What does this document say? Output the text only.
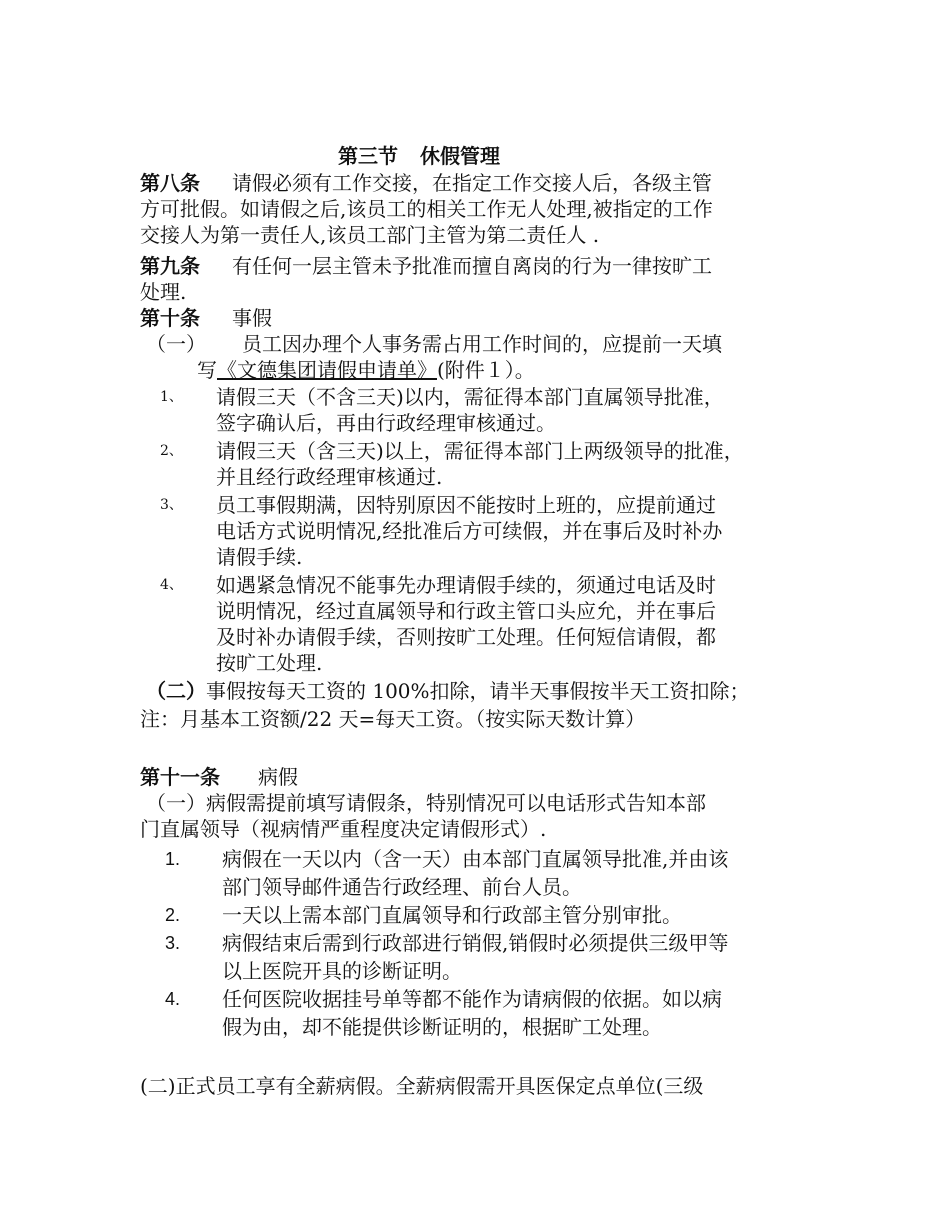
第三节 休假管理
第八条 请假必须有工作交接，在指定工作交接人后，各级主管
方可批假。如请假之后,该员工的相关工作无人处理,被指定的工作
交接人为第一责任人,该员工部门主管为第二责任人 .
第九条 有任何一层主管未予批准而擅自离岗的行为一律按旷工
处理.
第十条 事假
（一） 员工因办理个人事务需占用工作时间的，应提前一天填
写《文德集团请假申请单》(附件１）。
1、 请假三天（不含三天)以内，需征得本部门直属领导批准，
签字确认后，再由行政经理审核通过。
2、 请假三天（含三天)以上，需征得本部门上两级领导的批准，
并且经行政经理审核通过.
3、 员工事假期满，因特别原因不能按时上班的，应提前通过
电话方式说明情况,经批准后方可续假，并在事后及时补办
请假手续.
4、 如遇紧急情况不能事先办理请假手续的，须通过电话及时
说明情况，经过直属领导和行政主管口头应允，并在事后
及时补办请假手续，否则按旷工处理。任何短信请假，都
按旷工处理.
（二）事假按每天工资的 100%扣除，请半天事假按半天工资扣除；
注：月基本工资额/22 天=每天工资。（按实际天数计算）
第十一条 病假
（一）病假需提前填写请假条，特别情况可以电话形式告知本部
门直属领导（视病情严重程度决定请假形式）.
1. 病假在一天以内（含一天）由本部门直属领导批准,并由该
部门领导邮件通告行政经理、前台人员。
2. 一天以上需本部门直属领导和行政部主管分别审批。
3. 病假结束后需到行政部进行销假,销假时必须提供三级甲等
以上医院开具的诊断证明。
4. 任何医院收据挂号单等都不能作为请病假的依据。如以病
假为由，却不能提供诊断证明的，根据旷工处理。
(二)正式员工享有全薪病假。全薪病假需开具医保定点单位(三级
